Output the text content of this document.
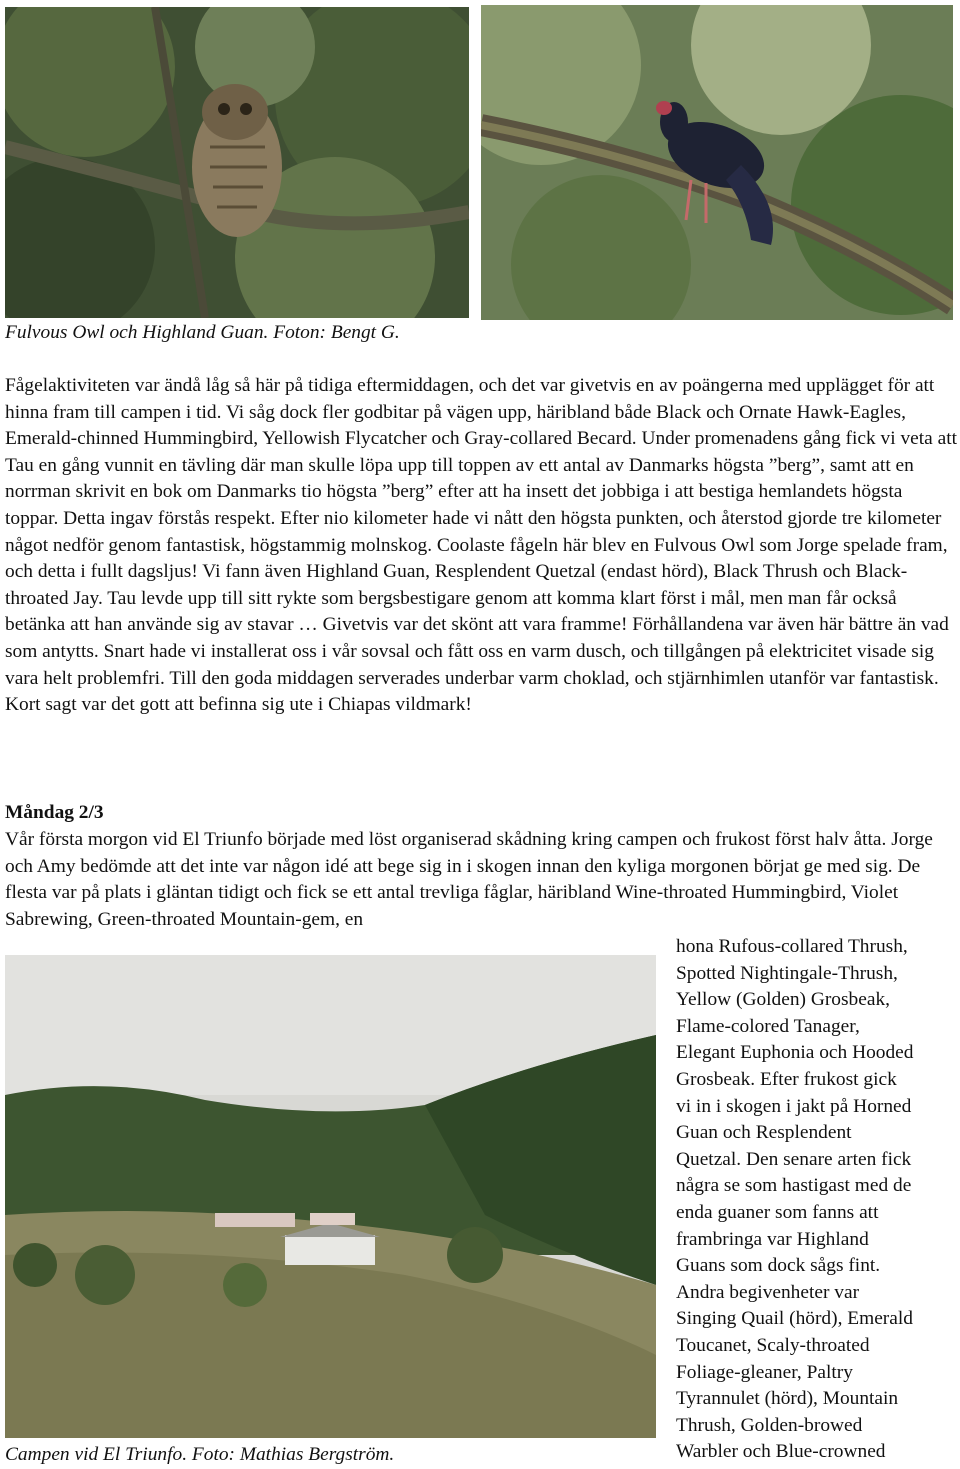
Fulvous Owl och Highland Guan. Foton: Bengt G.

Fågelaktiviteten var ändå låg så här på tidiga eftermiddagen, och det var givetvis en av poängerna med upplägget för att hinna fram till campen i tid. Vi såg dock fler godbitar på vägen upp, häribland både Black och Ornate Hawk-Eagles, Emerald-chinned Hummingbird, Yellowish Flycatcher och Gray-collared Becard. Under promenadens gång fick vi veta att Tau en gång vunnit en tävling där man skulle löpa upp till toppen av ett antal av Danmarks högsta ”berg”, samt att en norrman skrivit en bok om Danmarks tio högsta ”berg” efter att ha insett det jobbiga i att bestiga hemlandets högsta toppar. Detta ingav förstås respekt. Efter nio kilometer hade vi nått den högsta punkten, och återstod gjorde tre kilometer något nedför genom fantastisk, högstammig molnskog. Coolaste fågeln här blev en Fulvous Owl som Jorge spelade fram, och detta i fullt dagsljus! Vi fann även Highland Guan, Resplendent Quetzal (endast hörd), Black Thrush och Black-throated Jay. Tau levde upp till sitt rykte som bergsbestigare genom att komma klart först i mål, men man får också betänka att han använde sig av stavar … Givetvis var det skönt att vara framme! Förhållandena var även här bättre än vad som antytts. Snart hade vi installerat oss i vår sovsal och fått oss en varm dusch, och tillgången på elektricitet visade sig vara helt problemfri. Till den goda middagen serverades underbar varm choklad, och stjärnhimlen utanför var fantastisk. Kort sagt var det gott att befinna sig ute i Chiapas vildmark!

Måndag 2/3

Vår första morgon vid El Triunfo började med löst organiserad skådning kring campen och frukost först halv åtta. Jorge och Amy bedömde att det inte var någon idé att bege sig in i skogen innan den kyliga morgonen börjat ge med sig. De flesta var på plats i gläntan tidigt och fick se ett antal trevliga fåglar, häribland Wine-throated Hummingbird, Violet Sabrewing, Green-throated Mountain-gem, en

Campen vid El Triunfo. Foto: Mathias Bergström.
hona Rufous-collared Thrush,
Spotted Nightingale-Thrush,
Yellow (Golden) Grosbeak,
Flame-colored Tanager,
Elegant Euphonia och Hooded
Grosbeak. Efter frukost gick
vi in i skogen i jakt på Horned
Guan och Resplendent
Quetzal. Den senare arten fick
några se som hastigast med de
enda guaner som fanns att
frambringa var Highland
Guans som dock sågs fint.
Andra begivenheter var
Singing Quail (hörd), Emerald
Toucanet, Scaly-throated
Foliage-gleaner, Paltry
Tyrannulet (hörd), Mountain
Thrush, Golden-browed
Warbler och Blue-crowned
